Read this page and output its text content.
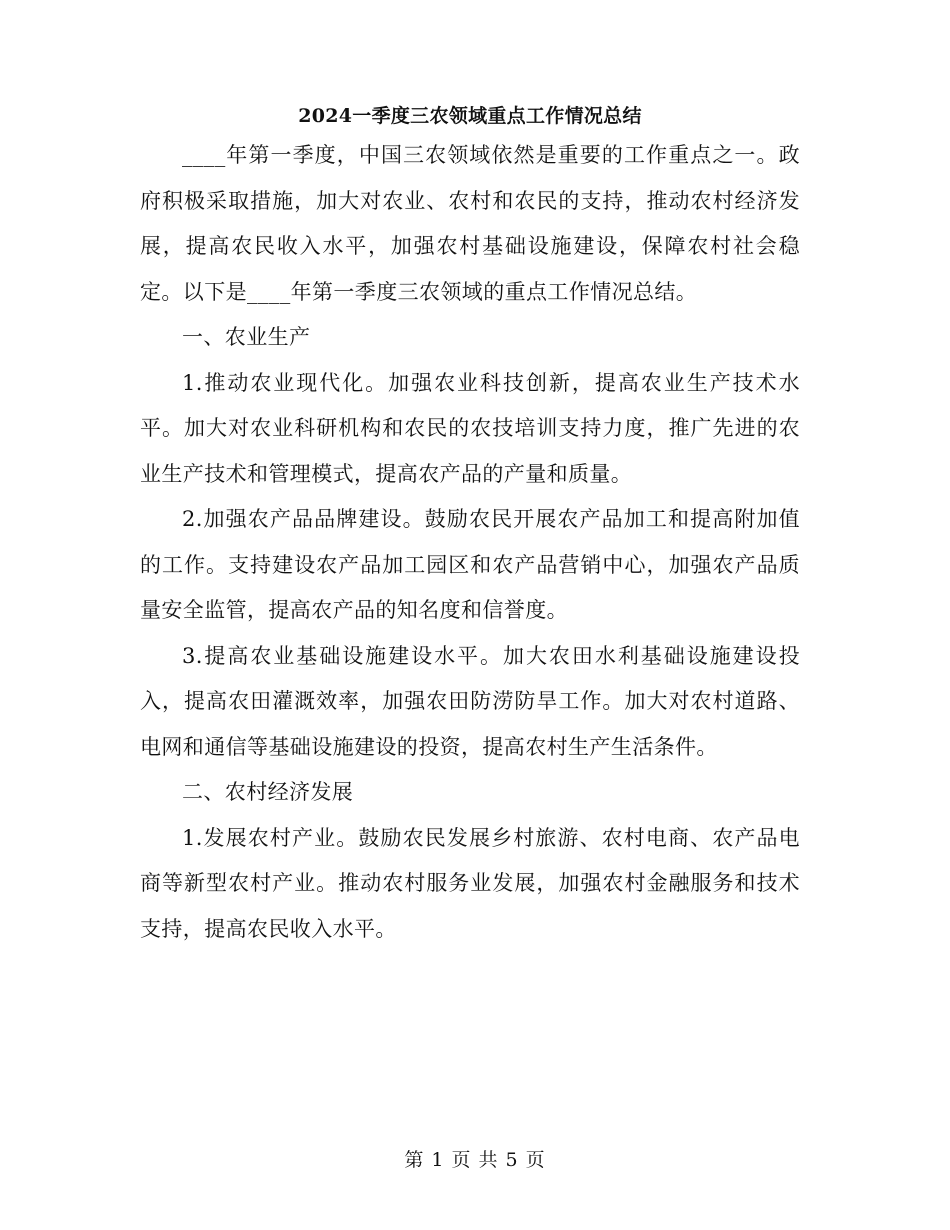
2024一季度三农领域重点工作情况总结

____年第一季度，中国三农领域依然是重要的工作重点之一。政府积极采取措施，加大对农业、农村和农民的支持，推动农村经济发展，提高农民收入水平，加强农村基础设施建设，保障农村社会稳定。以下是____年第一季度三农领域的重点工作情况总结。

一、农业生产

1.推动农业现代化。加强农业科技创新，提高农业生产技术水平。加大对农业科研机构和农民的农技培训支持力度，推广先进的农业生产技术和管理模式，提高农产品的产量和质量。

2.加强农产品品牌建设。鼓励农民开展农产品加工和提高附加值的工作。支持建设农产品加工园区和农产品营销中心，加强农产品质量安全监管，提高农产品的知名度和信誉度。

3.提高农业基础设施建设水平。加大农田水利基础设施建设投入，提高农田灌溉效率，加强农田防涝防旱工作。加大对农村道路、电网和通信等基础设施建设的投资，提高农村生产生活条件。

二、农村经济发展

1.发展农村产业。鼓励农民发展乡村旅游、农村电商、农产品电商等新型农村产业。推动农村服务业发展，加强农村金融服务和技术支持，提高农民收入水平。

第 1 页 共 5 页
